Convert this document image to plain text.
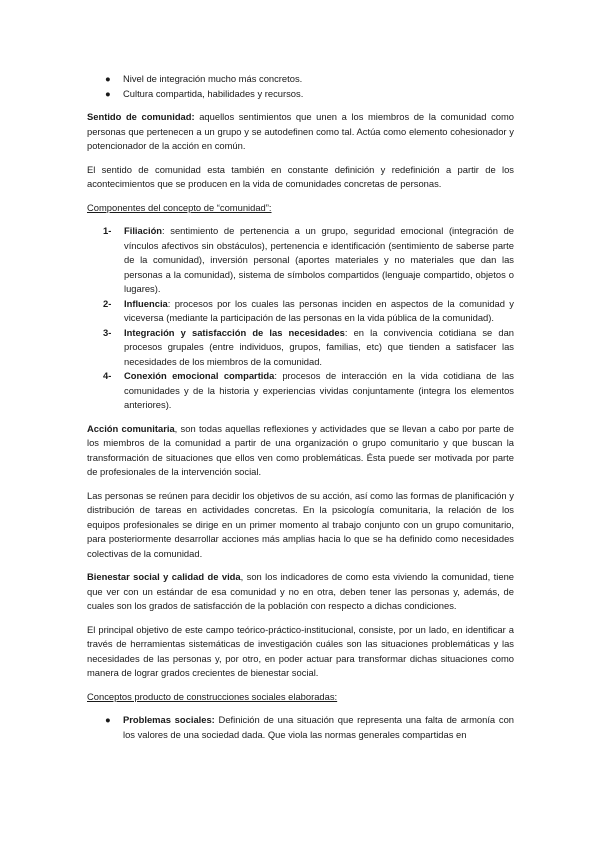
● Nivel de integración mucho más concretos.
● Cultura compartida, habilidades y recursos.

Sentido de comunidad: aquellos sentimientos que unen a los miembros de la comunidad como personas que pertenecen a un grupo y se autodefinen como tal. Actúa como elemento cohesionador y potencionador de la acción en común.

El sentido de comunidad esta también en constante definición y redefinición a partir de los acontecimientos que se producen en la vida de comunidades concretas de personas.

Componentes del concepto de “comunidad”:
1- Filiación: sentimiento de pertenencia a un grupo, seguridad emocional (integración de vínculos afectivos sin obstáculos), pertenencia e identificación (sentimiento de saberse parte de la comunidad), inversión personal (aportes materiales y no materiales que dan las personas a la comunidad), sistema de símbolos compartidos (lenguaje compartido, objetos o lugares).
2- Influencia: procesos por los cuales las personas inciden en aspectos de la comunidad y viceversa (mediante la participación de las personas en la vida pública de la comunidad).
3- Integración y satisfacción de las necesidades: en la convivencia cotidiana se dan procesos grupales (entre individuos, grupos, familias, etc) que tienden a satisfacer las necesidades de los miembros de la comunidad.
4- Conexión emocional compartida: procesos de interacción en la vida cotidiana de las comunidades y de la historia y experiencias vividas conjuntamente (integra los elementos anteriores).

Acción comunitaria, son todas aquellas reflexiones y actividades que se llevan a cabo por parte de los miembros de la comunidad a partir de una organización o grupo comunitario y que buscan la transformación de situaciones que ellos ven como problemáticas. Ésta puede ser motivada por parte de profesionales de la intervención social.

Las personas se reúnen para decidir los objetivos de su acción, así como las formas de planificación y distribución de tareas en actividades concretas. En la psicología comunitaria, la relación de los equipos profesionales se dirige en un primer momento al trabajo conjunto con un grupo comunitario, para posteriormente desarrollar acciones más amplias hacia lo que se ha definido como necesidades colectivas de la comunidad.

Bienestar social y calidad de vida, son los indicadores de como esta viviendo la comunidad, tiene que ver con un estándar de esa comunidad y no en otra, deben tener las personas y, además, de cuales son los grados de satisfacción de la población con respecto a dichas condiciones.

El principal objetivo de este campo teórico-práctico-institucional, consiste, por un lado, en identificar a través de herramientas sistemáticas de investigación cuáles son las situaciones problemáticas y las necesidades de las personas y, por otro, en poder actuar para transformar dichas situaciones como manera de lograr grados crecientes de bienestar social.

Conceptos producto de construcciones sociales elaboradas:
● Problemas sociales: Definición de una situación que representa una falta de armonía con los valores de una sociedad dada. Que viola las normas generales compartidas en
